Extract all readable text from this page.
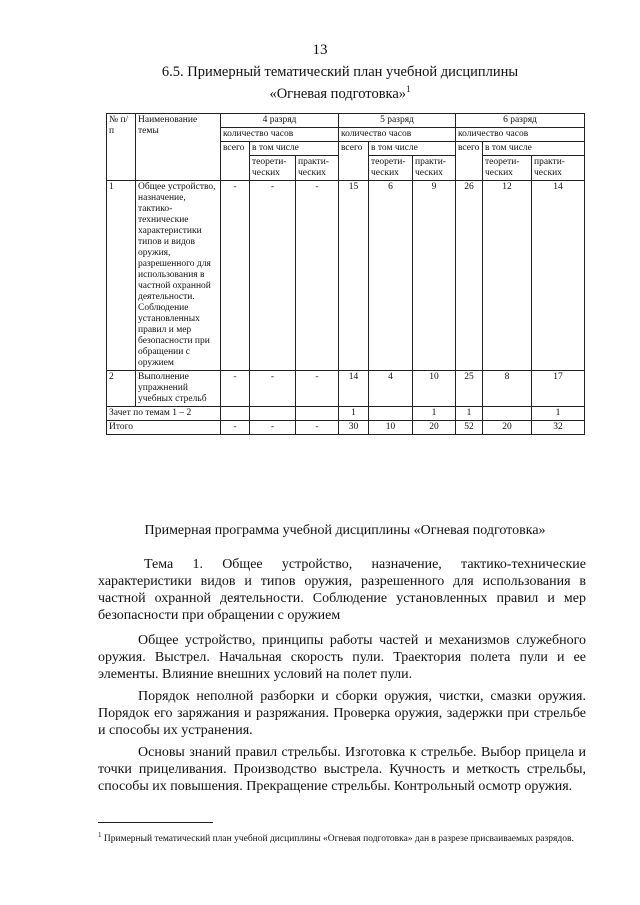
13
6.5. Примерный тематический план учебной дисциплины
«Огневая подготовка»$^1$
№ п/п	Наименование темы	4 разряд			5 разряд			6 разряд		
		количество часов			количество часов			количество часов		
		всего	в том числе		всего	в том числе		всего	в том числе	
			теорети-ческих	практи-ческих		теорети-ческих	практи-ческих		теорети-ческих	практи-ческих
1	Общее устройство, назначение, тактико-технические характеристики типов и видов оружия, разрешенного для использования в частной охранной деятельности. Соблюдение установленных правил и мер безопасности при обращении с оружием	-	-	-	15	6	9	26	12	14
2	Выполнение упражнений учебных стрельб	-	-	-	14	4	10	25	8	17
Зачет по темам 1 – 2					1		1	1		1
Итого		-	-	-	30	10	20	52	20	32
Примерная программа учебной дисциплины «Огневая подготовка»
Тема 1. Общее устройство, назначение, тактико-технические характеристики видов и типов оружия, разрешенного для использования в частной охранной деятельности. Соблюдение установленных правил и мер безопасности при обращении с оружием
Общее устройство, принципы работы частей и механизмов служебного оружия. Выстрел. Начальная скорость пули. Траектория полета пули и ее элементы. Влияние внешних условий на полет пули.
Порядок неполной разборки и сборки оружия, чистки, смазки оружия. Порядок его заряжания и разряжания. Проверка оружия, задержки при стрельбе и способы их устранения.
Основы знаний правил стрельбы. Изготовка к стрельбе. Выбор прицела и точки прицеливания. Производство выстрела. Кучность и меткость стрельбы, способы их повышения. Прекращение стрельбы. Контрольный осмотр оружия.
$^1$ Примерный тематический план учебной дисциплины «Огневая подготовка» дан в разрезе присваиваемых разрядов.
